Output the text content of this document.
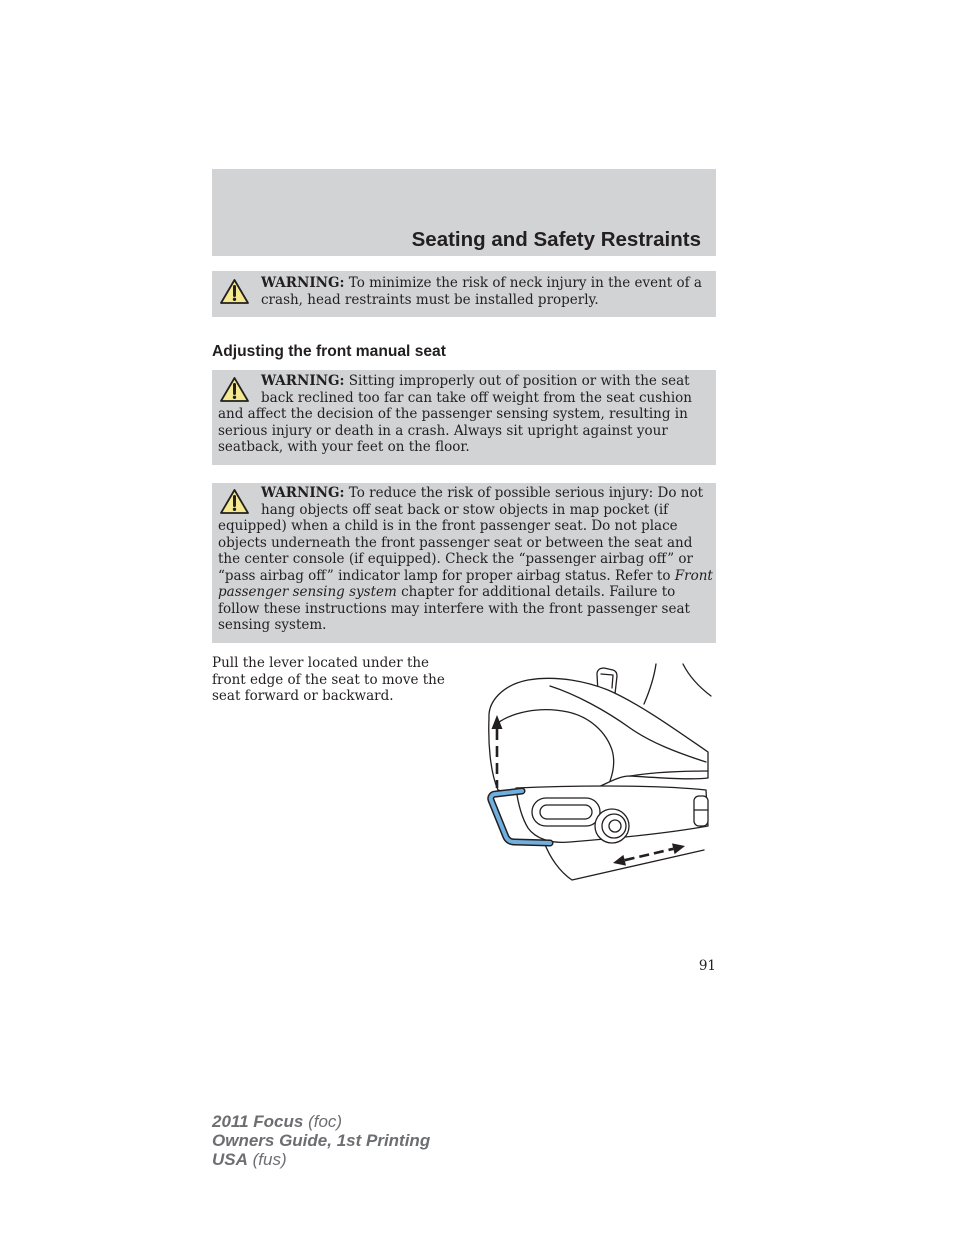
Seating and Safety Restraints
WARNING: To minimize the risk of neck injury in the event of a
crash, head restraints must be installed properly.
Adjusting the front manual seat
WARNING: Sitting improperly out of position or with the seat
back reclined too far can take off weight from the seat cushion
and affect the decision of the passenger sensing system, resulting in
serious injury or death in a crash. Always sit upright against your
seatback, with your feet on the floor.
WARNING: To reduce the risk of possible serious injury: Do not
hang objects off seat back or stow objects in map pocket (if
equipped) when a child is in the front passenger seat. Do not place
objects underneath the front passenger seat or between the seat and
the center console (if equipped). Check the “passenger airbag off” or
“pass airbag off” indicator lamp for proper airbag status. Refer to Front
passenger sensing system chapter for additional details. Failure to
follow these instructions may interfere with the front passenger seat
sensing system.
Pull the lever located under the
front edge of the seat to move the
seat forward or backward.
91
2011 Focus (foc)
Owners Guide, 1st Printing
USA (fus)
